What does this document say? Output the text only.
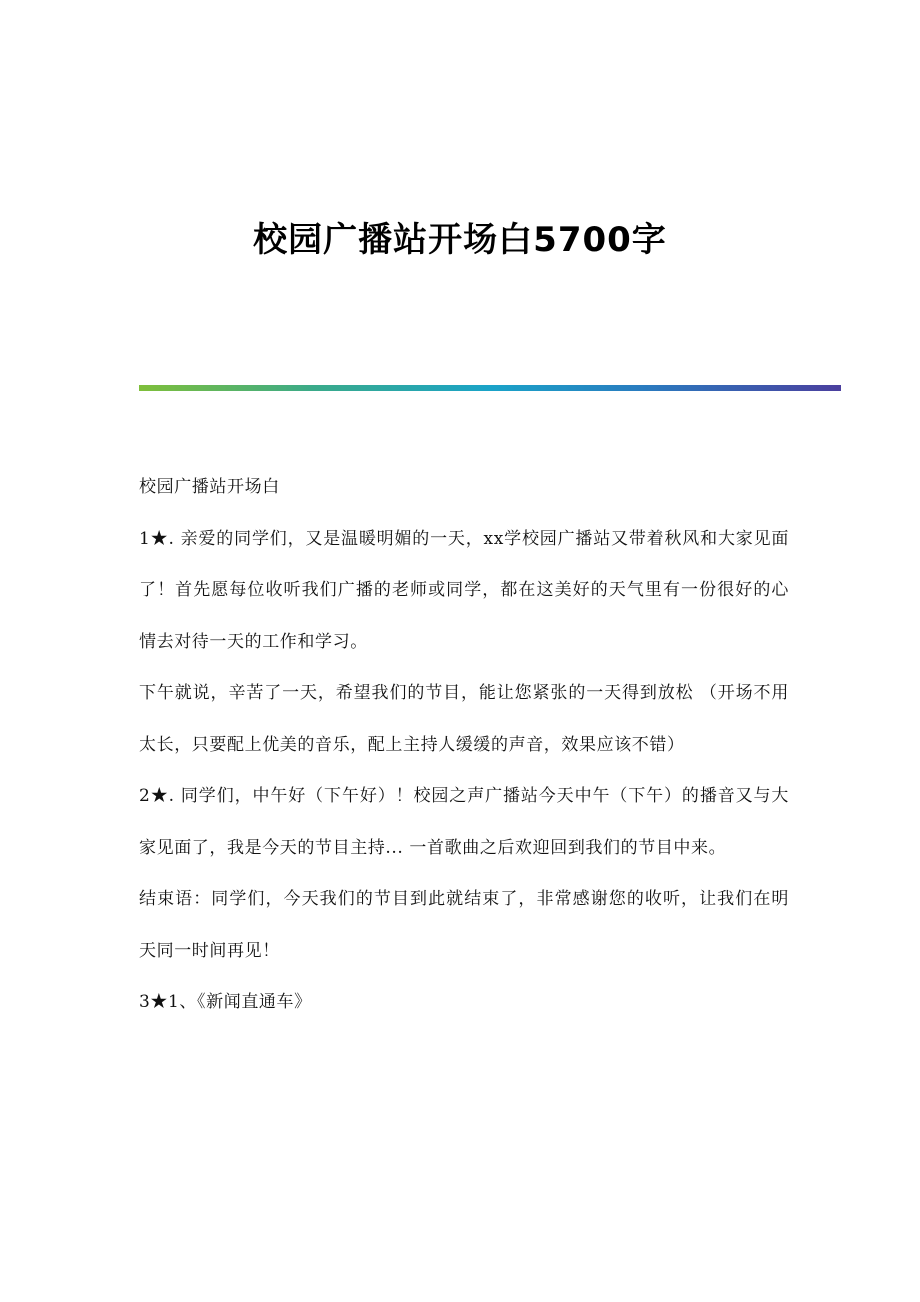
校园广播站开场白5700字

校园广播站开场白

1★. 亲爱的同学们，又是温暖明媚的一天，xx学校园广播站又带着秋风和大家见面了！首先愿每位收听我们广播的老师或同学，都在这美好的天气里有一份很好的心情去对待一天的工作和学习。

下午就说，辛苦了一天，希望我们的节目，能让您紧张的一天得到放松 （开场不用太长，只要配上优美的音乐，配上主持人缓缓的声音，效果应该不错）

2★. 同学们，中午好（下午好）！校园之声广播站今天中午（下午）的播音又与大家见面了，我是今天的节目主持... 一首歌曲之后欢迎回到我们的节目中来。

结束语：同学们，今天我们的节目到此就结束了，非常感谢您的收听，让我们在明天同一时间再见！

3★1、《新闻直通车》
